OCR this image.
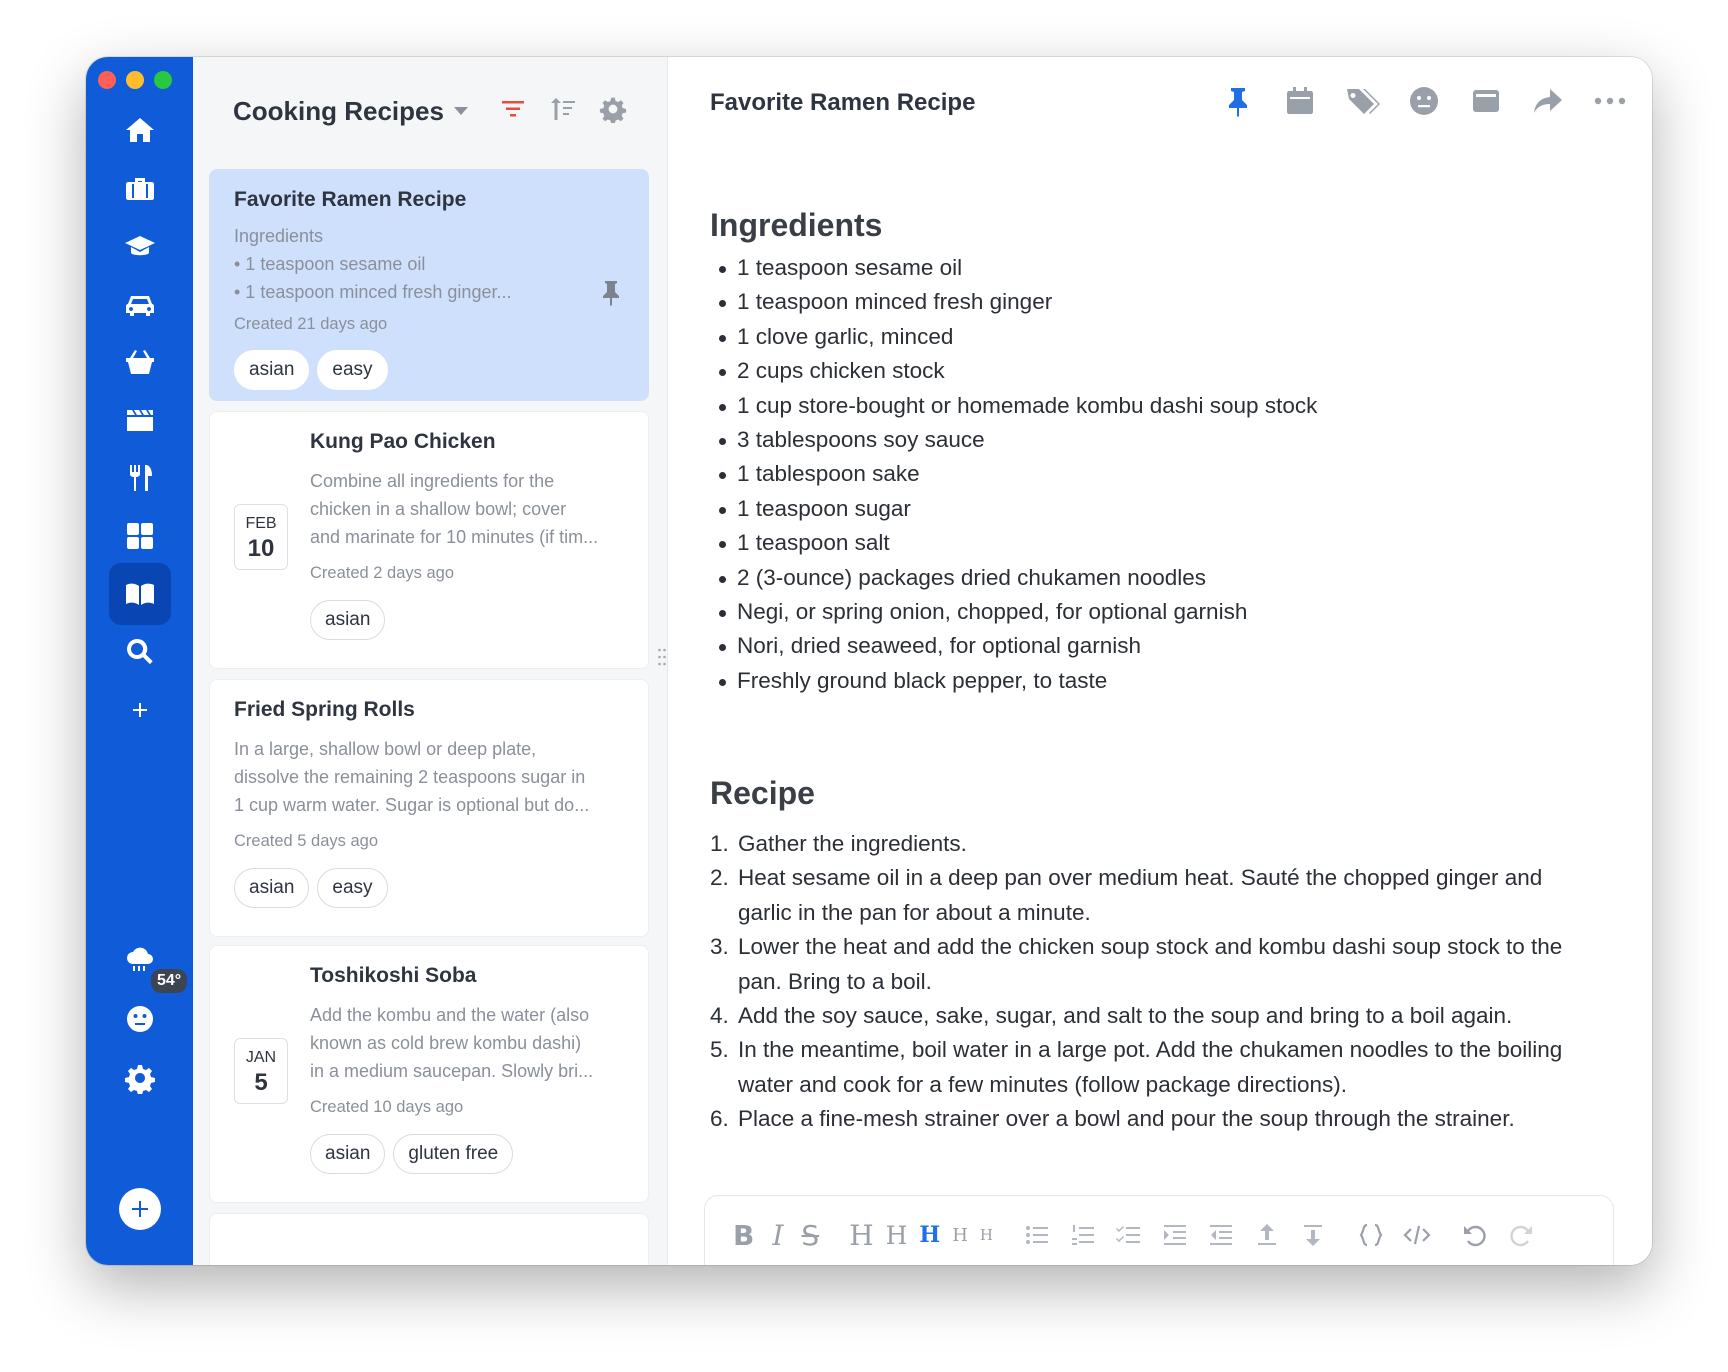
54°
Cooking Recipes
Favorite Ramen Recipe
Ingredients
• 1 teaspoon sesame oil
• 1 teaspoon minced fresh ginger...
Created 21 days ago
asian	easy
Kung Pao Chicken
FEB
10
Combine all ingredients for the
chicken in a shallow bowl; cover
and marinate for 10 minutes (if tim...
Created 2 days ago
asian
Fried Spring Rolls
In a large, shallow bowl or deep plate,
dissolve the remaining 2 teaspoons sugar in
1 cup warm water. Sugar is optional but do...
Created 5 days ago
asian	easy
Toshikoshi Soba
JAN
5
Add the kombu and the water (also
known as cold brew kombu dashi)
in a medium saucepan. Slowly bri...
Created 10 days ago
asian	gluten free
Favorite Ramen Recipe
Ingredients
1 teaspoon sesame oil
1 teaspoon minced fresh ginger
1 clove garlic, minced
2 cups chicken stock
1 cup store-bought or homemade kombu dashi soup stock
3 tablespoons soy sauce
1 tablespoon sake
1 teaspoon sugar
1 teaspoon salt
2 (3-ounce) packages dried chukamen noodles
Negi, or spring onion, chopped, for optional garnish
Nori, dried seaweed, for optional garnish
Freshly ground black pepper, to taste
Recipe
1. Gather the ingredients.
2. Heat sesame oil in a deep pan over medium heat. Sauté the chopped ginger and garlic in the pan for about a minute.
3. Lower the heat and add the chicken soup stock and kombu dashi soup stock to the pan. Bring to a boil.
4. Add the soy sauce, sake, sugar, and salt to the soup and bring to a boil again.
5. In the meantime, boil water in a large pot. Add the chukamen noodles to the boiling water and cook for a few minutes (follow package directions).
6. Place a fine-mesh strainer over a bowl and pour the soup through the strainer.
B I S H H H H H
